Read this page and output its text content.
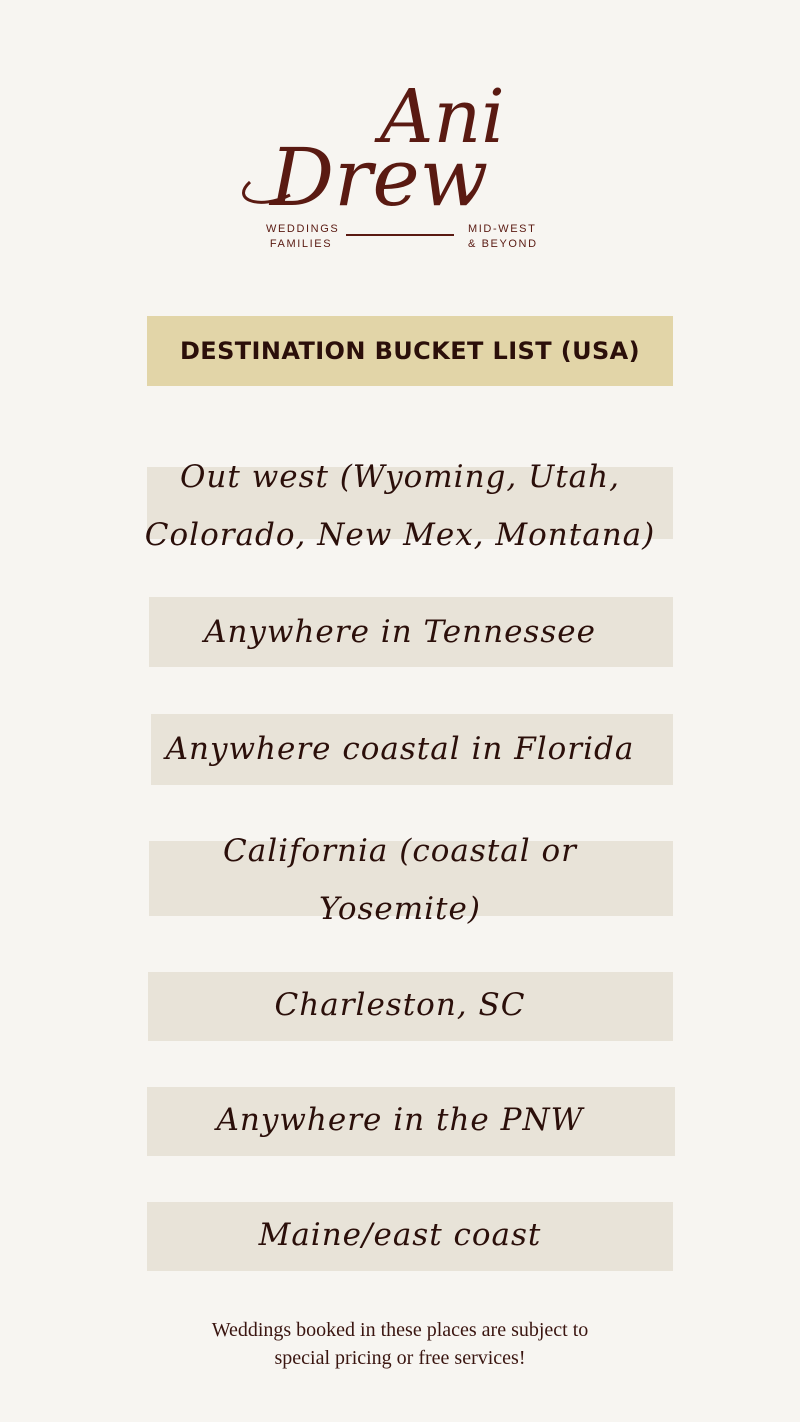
Ani
Drew
WEDDINGS
FAMILIES
MID-WEST
& BEYOND
DESTINATION BUCKET LIST (USA)
Out west (Wyoming, Utah,
Colorado, New Mex, Montana)
Anywhere in Tennessee
Anywhere coastal in Florida
California (coastal or
Yosemite)
Charleston, SC
Anywhere in the PNW
Maine/east coast
Weddings booked in these places are subject to
special pricing or free services!
